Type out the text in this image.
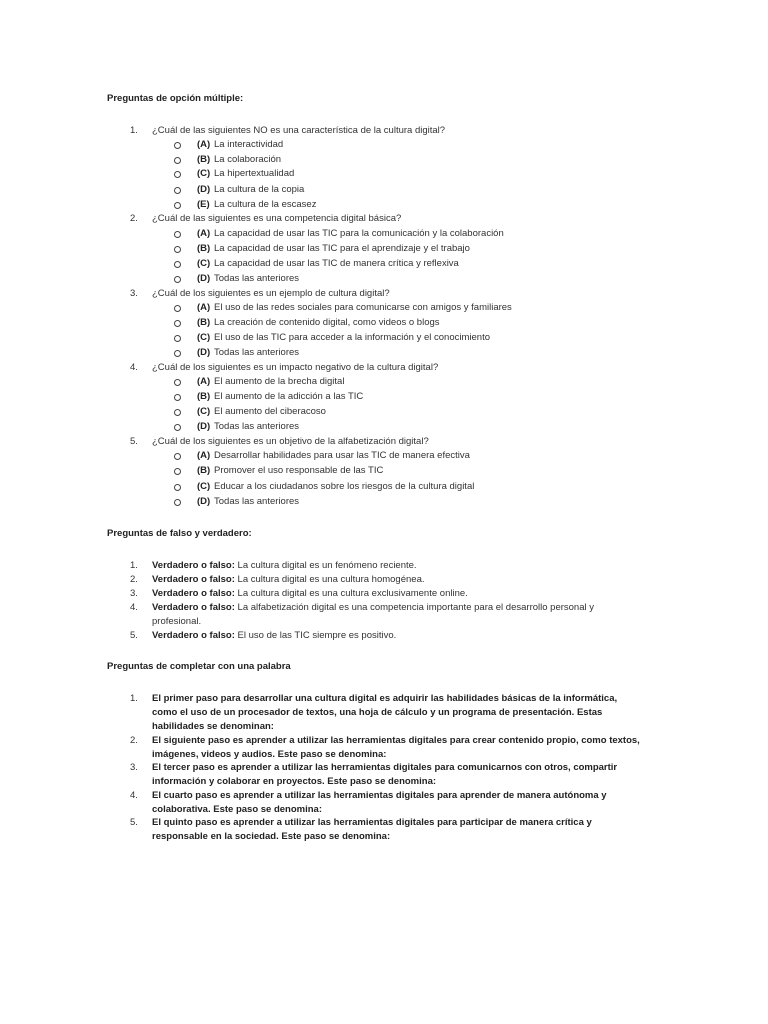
Preguntas de opción múltiple:
1. ¿Cuál de las siguientes NO es una característica de la cultura digital?
(A) La interactividad
(B) La colaboración
(C) La hipertextualidad
(D) La cultura de la copia
(E) La cultura de la escasez
2. ¿Cuál de las siguientes es una competencia digital básica?
(A) La capacidad de usar las TIC para la comunicación y la colaboración
(B) La capacidad de usar las TIC para el aprendizaje y el trabajo
(C) La capacidad de usar las TIC de manera crítica y reflexiva
(D) Todas las anteriores
3. ¿Cuál de los siguientes es un ejemplo de cultura digital?
(A) El uso de las redes sociales para comunicarse con amigos y familiares
(B) La creación de contenido digital, como videos o blogs
(C) El uso de las TIC para acceder a la información y el conocimiento
(D) Todas las anteriores
4. ¿Cuál de los siguientes es un impacto negativo de la cultura digital?
(A) El aumento de la brecha digital
(B) El aumento de la adicción a las TIC
(C) El aumento del ciberacoso
(D) Todas las anteriores
5. ¿Cuál de los siguientes es un objetivo de la alfabetización digital?
(A) Desarrollar habilidades para usar las TIC de manera efectiva
(B) Promover el uso responsable de las TIC
(C) Educar a los ciudadanos sobre los riesgos de la cultura digital
(D) Todas las anteriores
Preguntas de falso y verdadero:
1. Verdadero o falso: La cultura digital es un fenómeno reciente.
2. Verdadero o falso: La cultura digital es una cultura homogénea.
3. Verdadero o falso: La cultura digital es una cultura exclusivamente online.
4. Verdadero o falso: La alfabetización digital es una competencia importante para el desarrollo personal y profesional.
5. Verdadero o falso: El uso de las TIC siempre es positivo.
Preguntas de completar con una palabra
1. El primer paso para desarrollar una cultura digital es adquirir las habilidades básicas de la informática, como el uso de un procesador de textos, una hoja de cálculo y un programa de presentación. Estas habilidades se denominan:
2. El siguiente paso es aprender a utilizar las herramientas digitales para crear contenido propio, como textos, imágenes, videos y audios. Este paso se denomina:
3. El tercer paso es aprender a utilizar las herramientas digitales para comunicarnos con otros, compartir información y colaborar en proyectos. Este paso se denomina:
4. El cuarto paso es aprender a utilizar las herramientas digitales para aprender de manera autónoma y colaborativa. Este paso se denomina:
5. El quinto paso es aprender a utilizar las herramientas digitales para participar de manera crítica y responsable en la sociedad. Este paso se denomina:
